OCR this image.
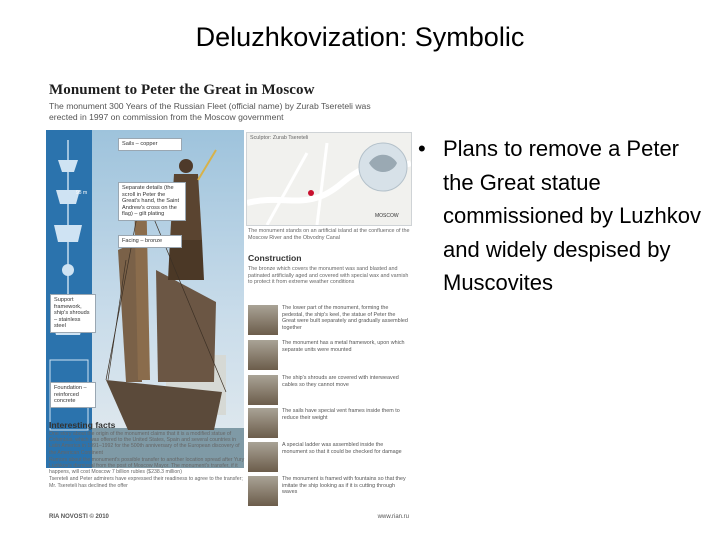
Deluzhkovization: Symbolic
Monument to Peter the Great in Moscow
The monument 300 Years of the Russian Fleet (official name) by Zurab Tsereteli was erected in 1997 on commission from the Moscow government
98 m
Sails – copper
Separate details (the scroll in Peter the Great's hand, the Saint Andrew's cross on the flag) – gilt plating
Facing – bronze
Support framework, ship's shrouds – stainless steel
Foundation – reinforced concrete
Sculptor: Zurab Tsereteli
MOSCOW
The monument stands on an artificial island at the confluence of the Moscow River and the Obvodny Canal
Construction
The bronze which covers the monument was sand blasted and patinated artificially aged and covered with special wax and varnish to protect it from extreme weather conditions
The lower part of the monument, forming the pedestal, the ship's keel, the statue of Peter the Great were built separately and gradually assembled together
The monument has a metal framework, upon which separate units were mounted
The ship's shrouds are covered with interweaved cables so they cannot move
The sails have special vent frames inside them to reduce their weight
A special ladder was assembled inside the monument so that it could be checked for damage
The monument is framed with fountains so that they imitate the ship looking as if it is cutting through waves
Interesting facts
One story about the origin of the monument claims that it is a modified statue of Columbus, which was offered to the United States, Spain and several countries in Latin America in 1991–1992 for the 500th anniversary of the European discovery of the American Continent
Rumors about the monument's possible transfer to another location spread after Yury Luzhkov's dismissal from the post of Moscow Mayor. The monument's transfer, if it happens, will cost Moscow 7 billion rubles ($238.3 million)
Tsereteli and Peter admirers have expressed their readiness to agree to the transfer; Mr. Tsereteli has declined the offer
RIA NOVOSTI © 2010	www.rian.ru
• Plans to remove a Peter the Great statue commissioned by Luzhkov and widely despised by Muscovites
